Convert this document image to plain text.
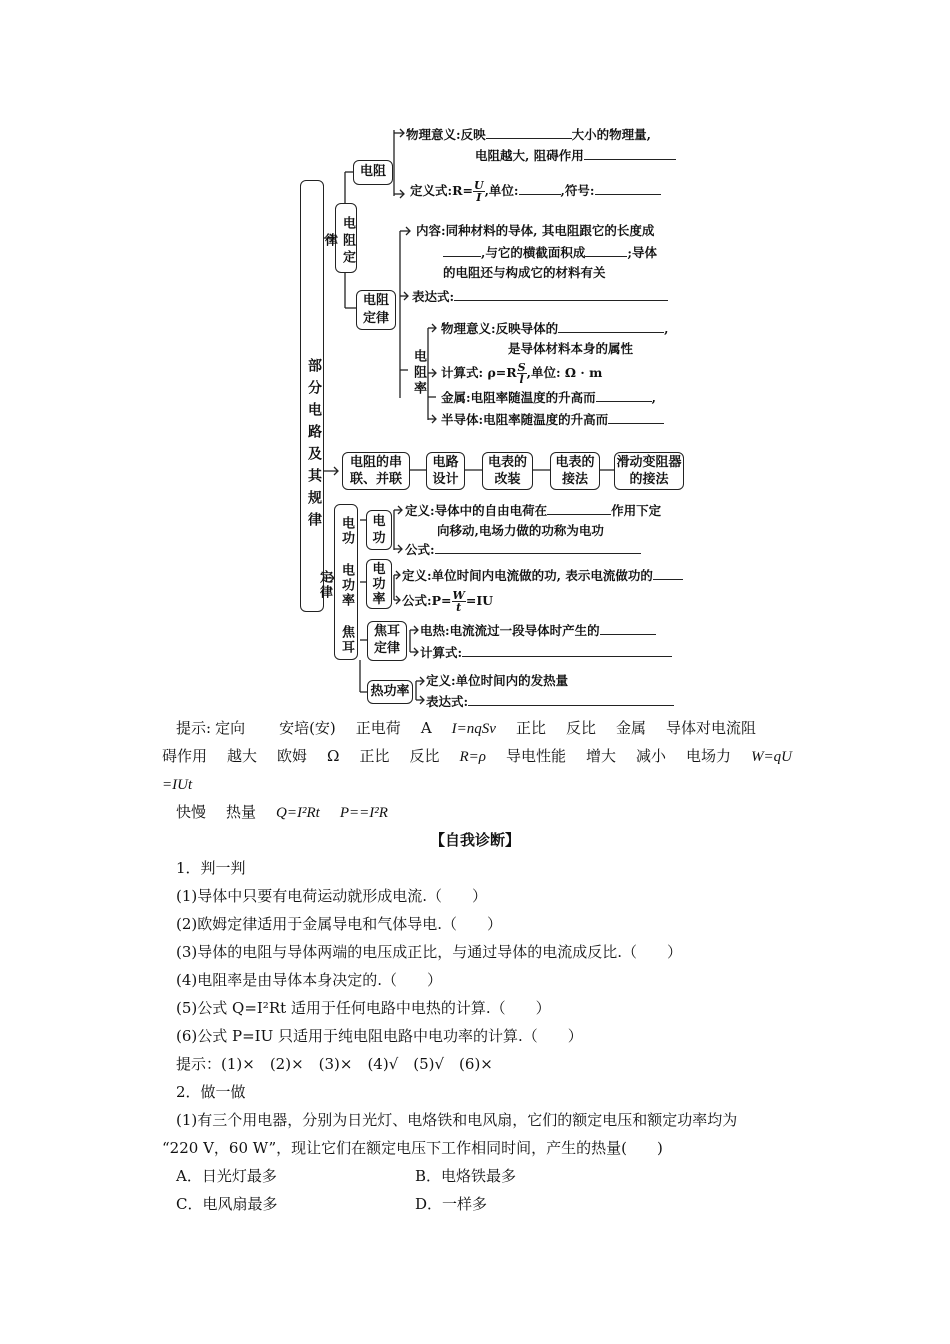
部分电路及其规律
电阻定律
电阻
物理意义:反映	大小的物理量,
电阻越大, 阻碍作用
定义式:R= $\frac{U}{I}$ ,单位:	,符号:
电阻定律
内容:同种材料的导体, 其电阻跟它的长度成
,与它的横截面积成	;导体
的电阻还与构成它的材料有关
表达式:
电阻率
物理意义:反映导体的	,
是导体材料本身的属性
计算式: $\rho=R \frac{S}{l}$ ,单位: Ω · m
金属:电阻率随温度的升高而	,
半导体:电阻率随温度的升高而
电阻的串联、并联
电路设计
电表的改装
电表的接法
滑动变阻器的接法
电功 电功率 焦耳定律
电功
定义:导体中的自由电荷在	作用下定
向移动,电场力做的功称为电功
公式:
电功率
定义:单位时间内电流做的功, 表示电流做功的
公式:P= $\frac{W}{t} =IU$
焦耳定律
电热:电流流过一段导体时产生的
计算式:
热功率
定义:单位时间内的发热量
表达式:
提示: 定向 安培(安) 正电荷 A I=nqSv 正比 反比 金属 导体对电流阻
碍作用 越大 欧姆 Ω 正比 反比 R=ρ 导电性能 增大 减小 电场力 W=qU
=IUt
快慢 热量 Q=I²Rt P==I²R
【自我诊断】
1．判一判
(1)导体中只要有电荷运动就形成电流.（　　）
(2)欧姆定律适用于金属导电和气体导电.（　　）
(3)导体的电阻与导体两端的电压成正比，与通过导体的电流成反比.（　　）
(4)电阻率是由导体本身决定的.（　　）
(5)公式 Q=I²Rt 适用于任何电路中电热的计算.（　　）
(6)公式 P=IU 只适用于纯电阻电路中电功率的计算.（　　）
提示：(1)×　(2)×　(3)×　(4)√　(5)√　(6)×
2．做一做
(1)有三个用电器，分别为日光灯、电烙铁和电风扇，它们的额定电压和额定功率均为
“220 V，60 W”，现让它们在额定电压下工作相同时间，产生的热量(　　)
A．日光灯最多	B．电烙铁最多
C．电风扇最多	D．一样多
